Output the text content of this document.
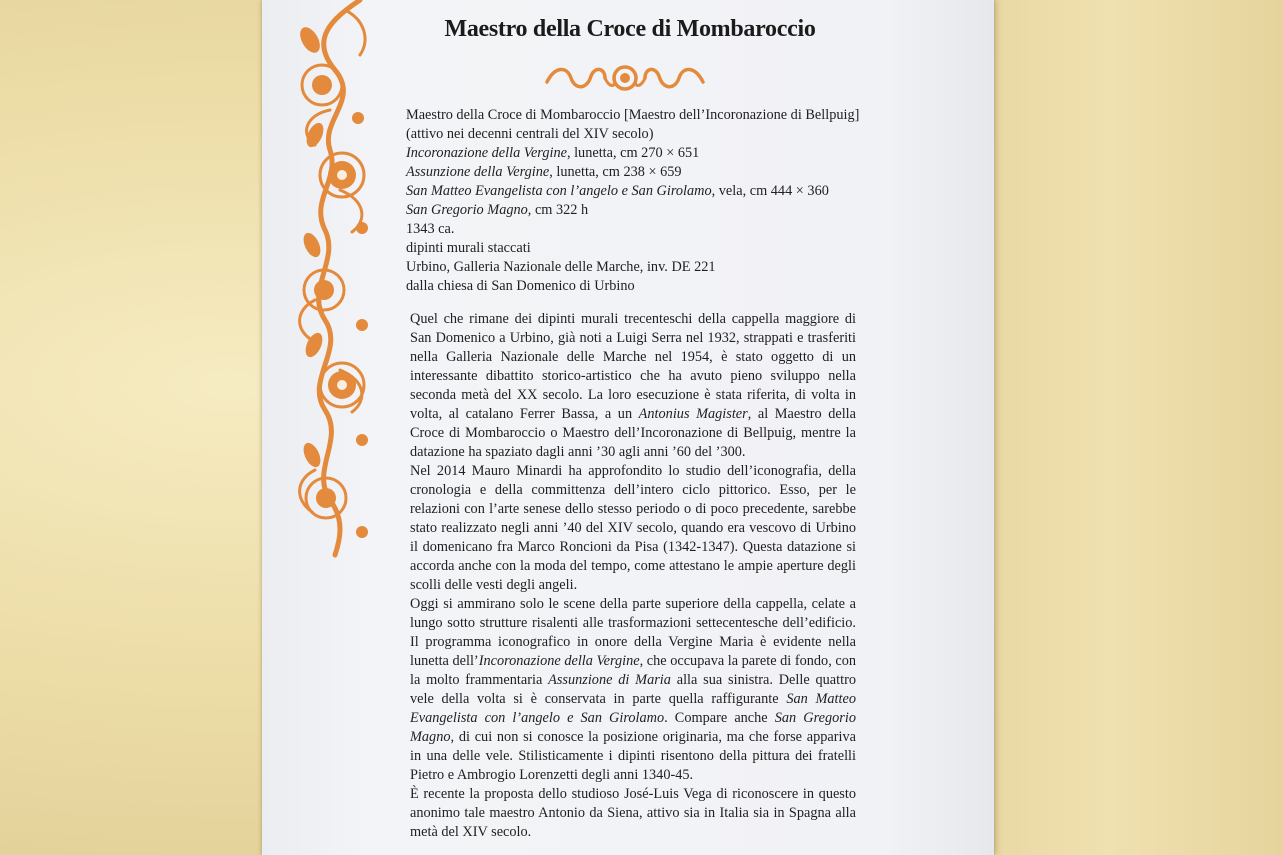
Maestro della Croce di Mombaroccio
Maestro della Croce di Mombaroccio [Maestro dell’Incoronazione di Bellpuig]
(attivo nei decenni centrali del XIV secolo)
Incoronazione della Vergine, lunetta, cm 270 × 651
Assunzione della Vergine, lunetta, cm 238 × 659
San Matteo Evangelista con l’angelo e San Girolamo, vela, cm 444 × 360
San Gregorio Magno, cm 322 h
1343 ca.
dipinti murali staccati
Urbino, Galleria Nazionale delle Marche, inv. DE 221
dalla chiesa di San Domenico di Urbino

Quel che rimane dei dipinti murali trecenteschi della cappella maggiore di San Domenico a Urbino, già noti a Luigi Serra nel 1932, strappati e trasferiti nella Galleria Nazionale delle Marche nel 1954, è stato oggetto di un interessante dibattito storico-artistico che ha avuto pieno sviluppo nella seconda metà del XX secolo. La loro esecuzione è stata riferita, di volta in volta, al catalano Ferrer Bassa, a un Antonius Magister, al Maestro della Croce di Mombaroccio o Maestro dell’Incoronazione di Bellpuig, mentre la datazione ha spaziato dagli anni ’30 agli anni ’60 del ’300.

Nel 2014 Mauro Minardi ha approfondito lo studio dell’iconografia, della cronologia e della committenza dell’intero ciclo pittorico. Esso, per le relazioni con l’arte senese dello stesso periodo o di poco precedente, sarebbe stato realizzato negli anni ’40 del XIV secolo, quando era vescovo di Urbino il domenicano fra Marco Roncioni da Pisa (1342-1347). Questa datazione si accorda anche con la moda del tempo, come attestano le ampie aperture degli scolli delle vesti degli angeli.

Oggi si ammirano solo le scene della parte superiore della cappella, celate a lungo sotto strutture risalenti alle trasformazioni settecentesche dell’edificio. Il programma iconografico in onore della Vergine Maria è evidente nella lunetta dell’Incoronazione della Vergine, che occupava la parete di fondo, con la molto frammentaria Assunzione di Maria alla sua sinistra. Delle quattro vele della volta si è conservata in parte quella raffigurante San Matteo Evangelista con l’angelo e San Girolamo. Compare anche San Gregorio Magno, di cui non si conosce la posizione originaria, ma che forse appariva in una delle vele. Stilisticamente i dipinti risentono della pittura dei fratelli Pietro e Ambrogio Lorenzetti degli anni 1340-45.

È recente la proposta dello studioso José-Luis Vega di riconoscere in questo anonimo tale maestro Antonio da Siena, attivo sia in Italia sia in Spagna alla metà del XIV secolo.
